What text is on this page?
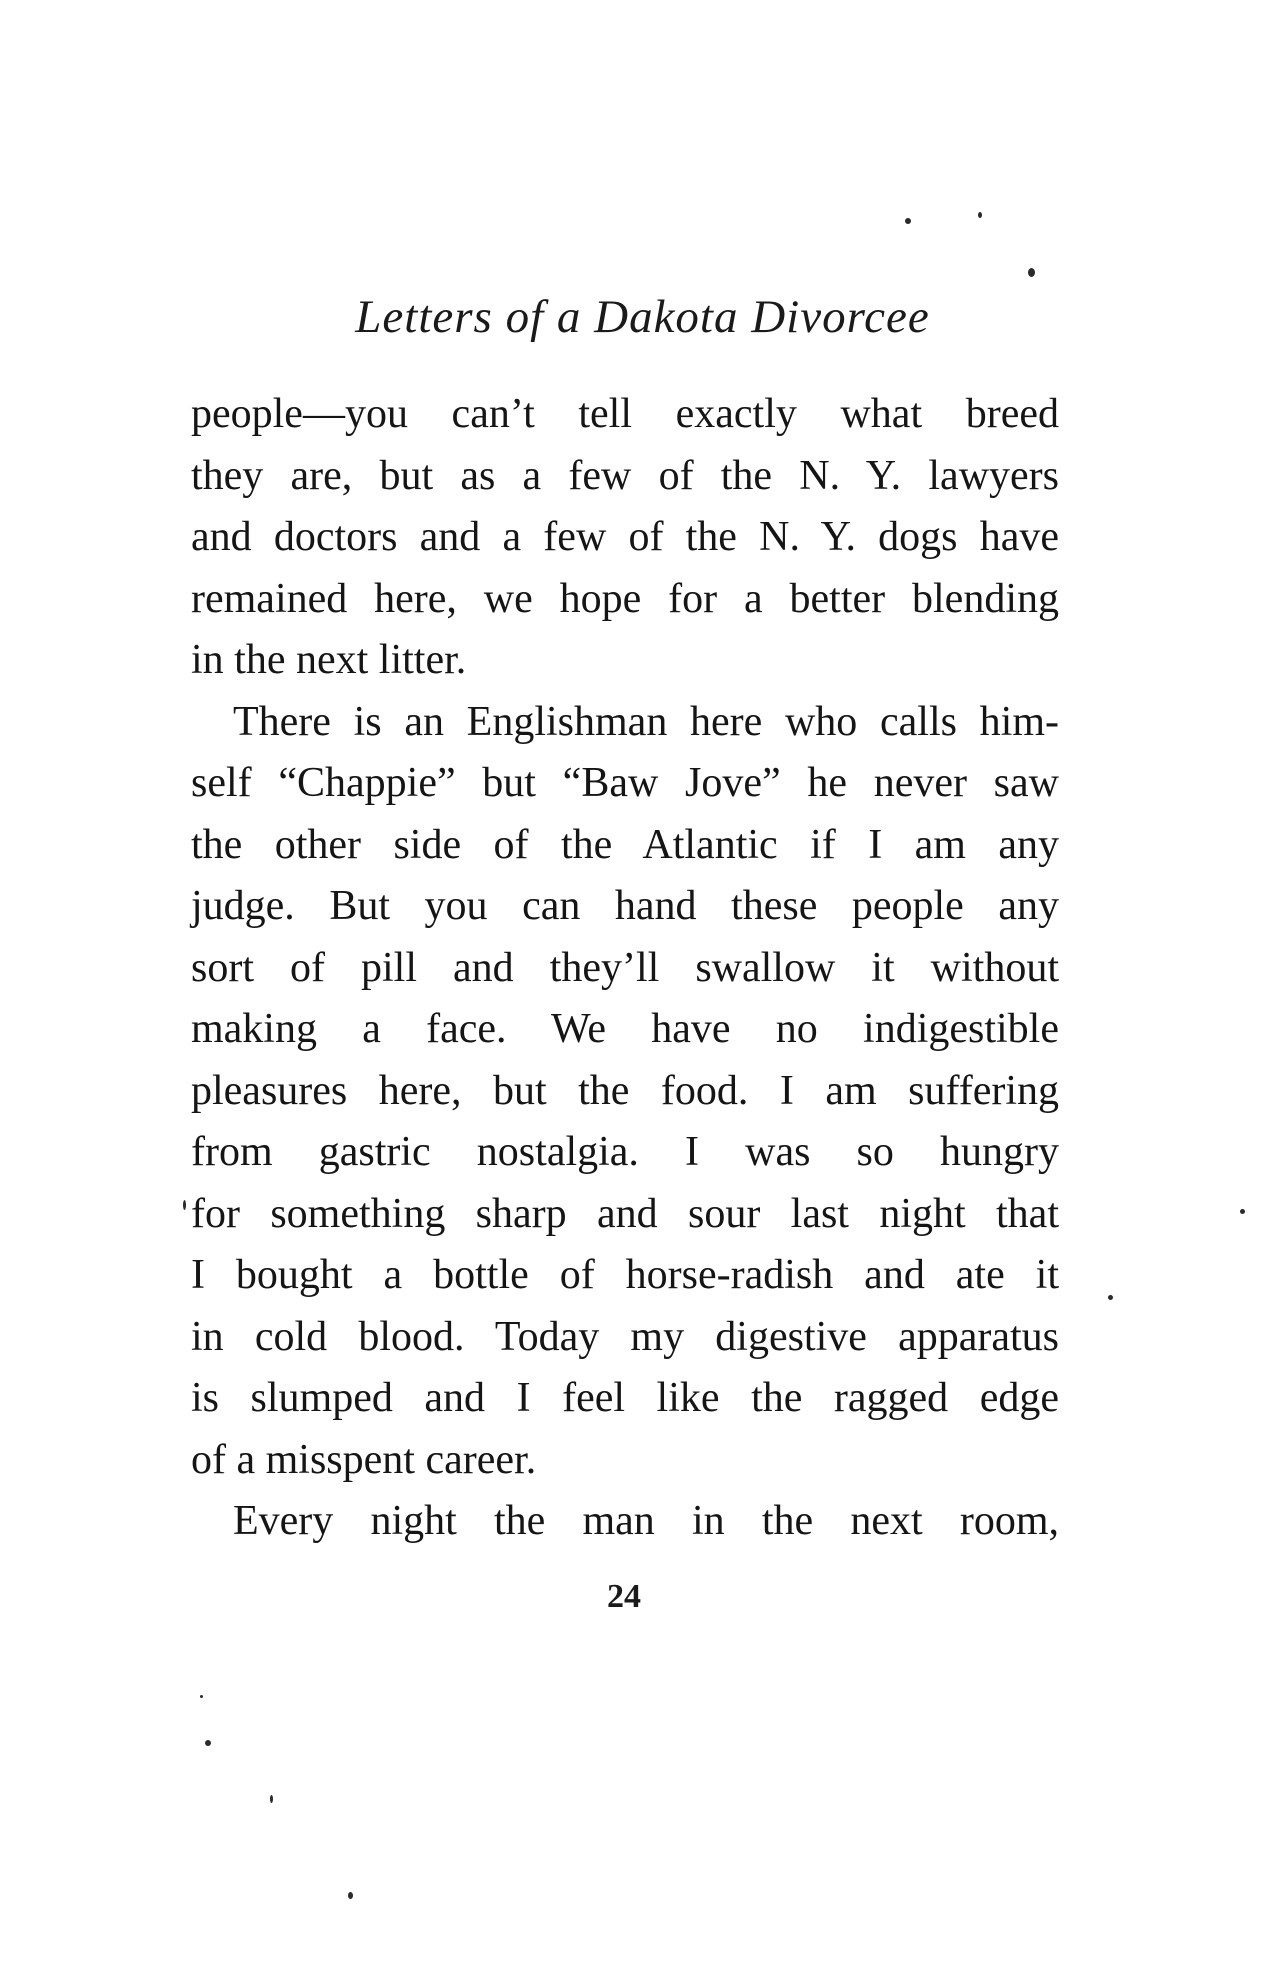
Letters of a Dakota Divorcee
people—you can’t tell exactly what breed
they are, but as a few of the N. Y. lawyers
and doctors and a few of the N. Y. dogs have
remained here, we hope for a better blending
in the next litter.
There is an Englishman here who calls him-
self “Chappie” but “Baw Jove” he never saw
the other side of the Atlantic if I am any
judge. But you can hand these people any
sort of pill and they’ll swallow it without
making a face. We have no indigestible
pleasures here, but the food. I am suffering
from gastric nostalgia. I was so hungry
for something sharp and sour last night that
I bought a bottle of horse-radish and ate it
in cold blood. Today my digestive apparatus
is slumped and I feel like the ragged edge
of a misspent career.
Every night the man in the next room,
24
